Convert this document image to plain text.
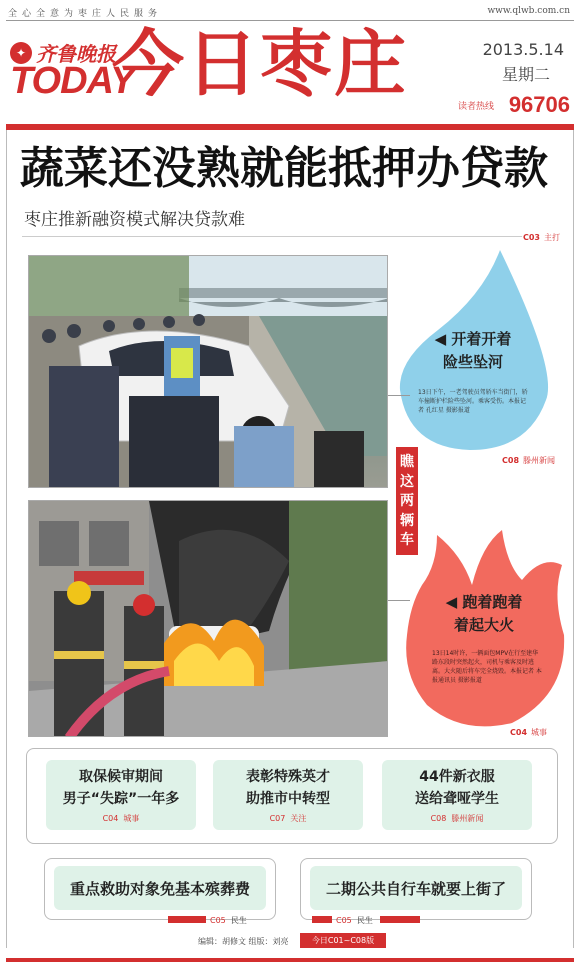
全心全意为枣庄人民服务	www.qlwb.com.cn
✦ 齐鲁晚报
TODAY
今日枣庄	2013.5.14
星期二
读者热线 96706
蔬菜还没熟就能抵押办贷款
枣庄推新融资模式解决贷款难
C03 主打
◀ 开着开着
险些坠河
13日下午，一老驾驶员驾轿车当街门，轿车撞断护栏险些坠河。乘客受伤。本报记者 孔红星 摄影报道
C08 滕州新闻
瞧这两辆车
◀ 跑着跑着
着起大火
13日14时许，一辆面包MPV在行至建华路东段时突然起火，司机与乘客及时逃离。大火随后将车完全烧毁。本报记者 本报通讯员 摄影报道
C04 城事
取保候审期间
男子“失踪”一年多
C04 城事
表彰特殊英才
助推市中转型
C07 关注
44件新衣服
送给聋哑学生
C08 滕州新闻
重点救助对象免基本殡葬费	二期公共自行车就要上街了
C05 民生	C05 民生
编辑：胡修文 组版：刘亮	今日C01~C08版
